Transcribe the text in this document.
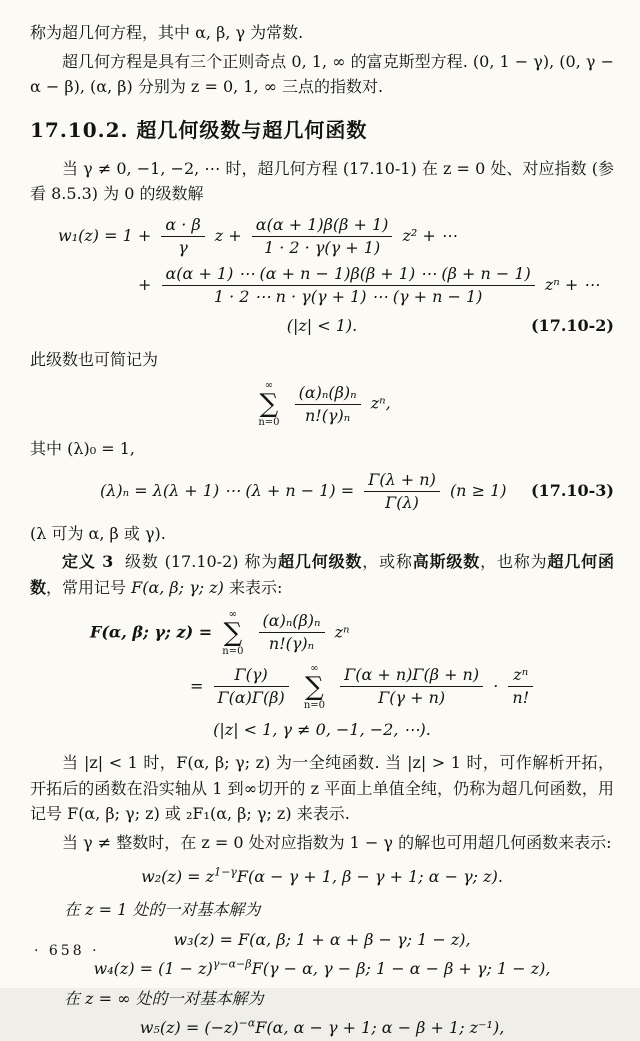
称为超几何方程，其中 α, β, γ 为常数.

超几何方程是具有三个正则奇点 0, 1, ∞ 的富克斯型方程. (0, 1 − γ), (0, γ − α − β), (α, β) 分别为 z = 0, 1, ∞ 三点的指数对.

17.10.2. 超几何级数与超几何函数

当 γ ≠ 0, −1, −2, ⋯ 时，超几何方程 (17.10-1) 在 z = 0 处、对应指数 (参看 8.5.3) 为 0 的级数解

$w_1(z) = 1 + \frac{\alpha \cdot \beta}{\gamma}$ $z + \frac{\alpha(\alpha + 1)\beta(\beta + 1)}{1 \cdot 2 \cdot \gamma(\gamma + 1)} z^2$ + ⋯
+ $\frac{\alpha(\alpha + 1) \cdots (\alpha + n - 1)\beta(\beta + 1) \cdots (\beta + n - 1)}{1 \cdot 2 \cdots n \cdot \gamma(\gamma + 1) \cdots (\gamma + n - 1)}$ zⁿ + ⋯
(|z| < 1).	(17.10-2)

此级数也可简记为

∞
∑
n=0
$\frac{\text{(α)ₙ(β)ₙ}}{\text{n!(γ)ₙ}} z^n$,

其中 (λ)₀ = 1,

(λ)ₙ = λ(λ + 1) ⋯ $(\lambda + n - 1) = \frac{\Gamma(\lambda + n)}{\Gamma(\lambda)} (n \ge 1)$ (17.10-3)

(λ 可为 α, β 或 γ).

定义 3 级数 (17.10-2) 称为超几何级数，或称高斯级数，也称为超几何函数，常用记号 F(α, β; γ; z) 来表示:

F(α, β; γ; z) =
∞
∑
n=0
$\frac{\text{(α)ₙ(β)ₙ}}{\text{n!(γ)ₙ}}$ zⁿ
= $\frac{\Gamma(\gamma)}{\Gamma(\alpha)\Gamma(\beta)}$
∞
∑
n=0
$\frac{\Gamma(\alpha + n)\Gamma(\beta + n)}{\Gamma(\gamma + n)} \cdot \frac{\text{zⁿ}}{n!}$
(|z| < 1, γ ≠ 0, −1, −2, ⋯).

当 |z| < 1 时，F(α, β; γ; z) 为一全纯函数. 当 |z| > 1 时，可作解析开拓，开拓后的函数在沿实轴从 1 到∞切开的 z 平面上单值全纯，仍称为超几何函数，用记号 F(α, β; γ; z) 或 ₂F₁(α, β; γ; z) 来表示.

当 γ ≠ 整数时，在 z = 0 处对应指数为 1 − γ 的解也可用超几何函数来表示:

$w_2(z) = z^{1-\gamma}F(\alpha - \gamma + 1$, β − γ + 1; α − γ; z).

在 z = 1 处的一对基本解为

w₃(z) = F(α, β; 1 + α + β − γ; 1 − z),
$w_4(z) = (1 - z)^{\gamma-\alpha-\beta}F(\gamma - \alpha$, γ − β; 1 − α − β + γ; 1 − z),

在 z = ∞ 处的一对基本解为

$w_5(z) = (-z)^{-\alpha}F(\alpha$, α − γ + 1; α − β + 1; z⁻¹),
· 658 ·
